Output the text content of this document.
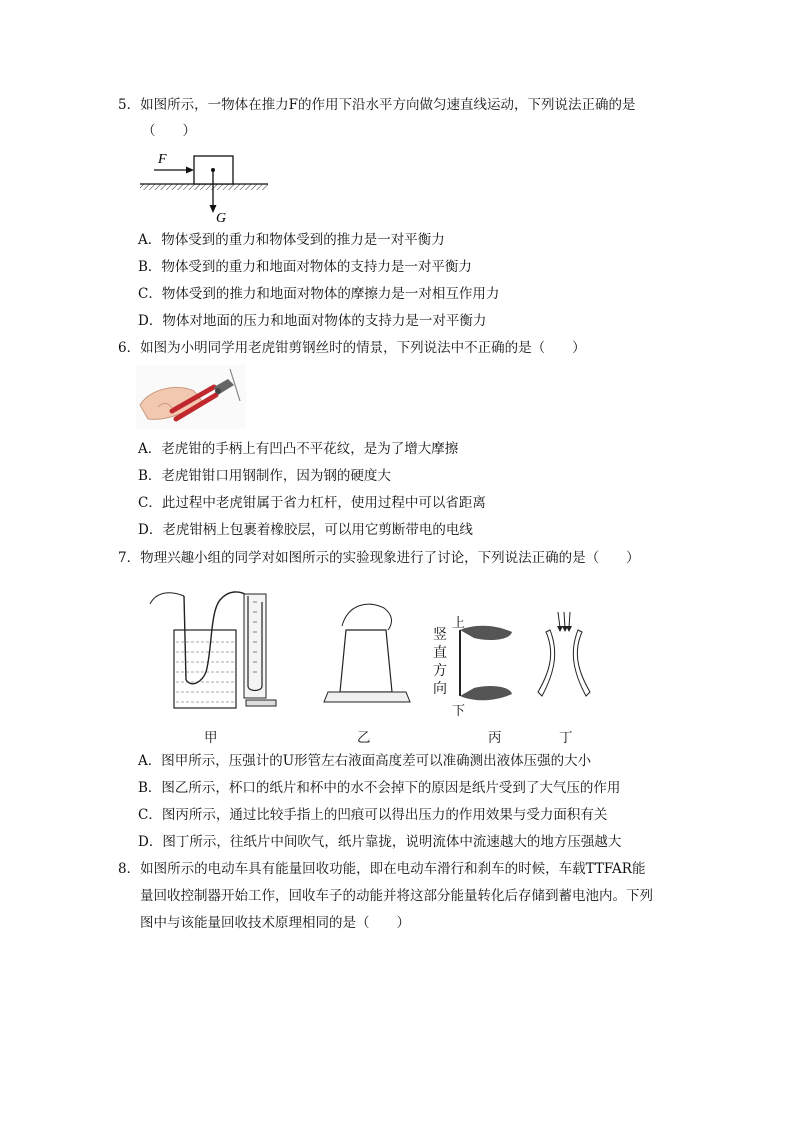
5．如图所示，一物体在推力F的作用下沿水平方向做匀速直线运动，下列说法正确的是
（　　）
F
G
A．物体受到的重力和物体受到的推力是一对平衡力
B．物体受到的重力和地面对物体的支持力是一对平衡力
C．物体受到的推力和地面对物体的摩擦力是一对相互作用力
D．物体对地面的压力和地面对物体的支持力是一对平衡力
6．如图为小明同学用老虎钳剪钢丝时的情景，下列说法中不正确的是（　　）
A．老虎钳的手柄上有凹凸不平花纹，是为了增大摩擦
B．老虎钳钳口用钢制作，因为钢的硬度大
C．此过程中老虎钳属于省力杠杆，使用过程中可以省距离
D．老虎钳柄上包裹着橡胶层，可以用它剪断带电的电线
7．物理兴趣小组的同学对如图所示的实验现象进行了讨论，下列说法正确的是（　　）
甲	乙
上
竖
直
方
向
下
丙	丁
A．图甲所示，压强计的U形管左右液面高度差可以准确测出液体压强的大小
B．图乙所示，杯口的纸片和杯中的水不会掉下的原因是纸片受到了大气压的作用
C．图丙所示，通过比较手指上的凹痕可以得出压力的作用效果与受力面积有关
D．图丁所示，往纸片中间吹气，纸片靠拢，说明流体中流速越大的地方压强越大
8．如图所示的电动车具有能量回收功能，即在电动车滑行和刹车的时候，车载TTFAR能
量回收控制器开始工作，回收车子的动能并将这部分能量转化后存储到蓄电池内。下列
图中与该能量回收技术原理相同的是（　　）
